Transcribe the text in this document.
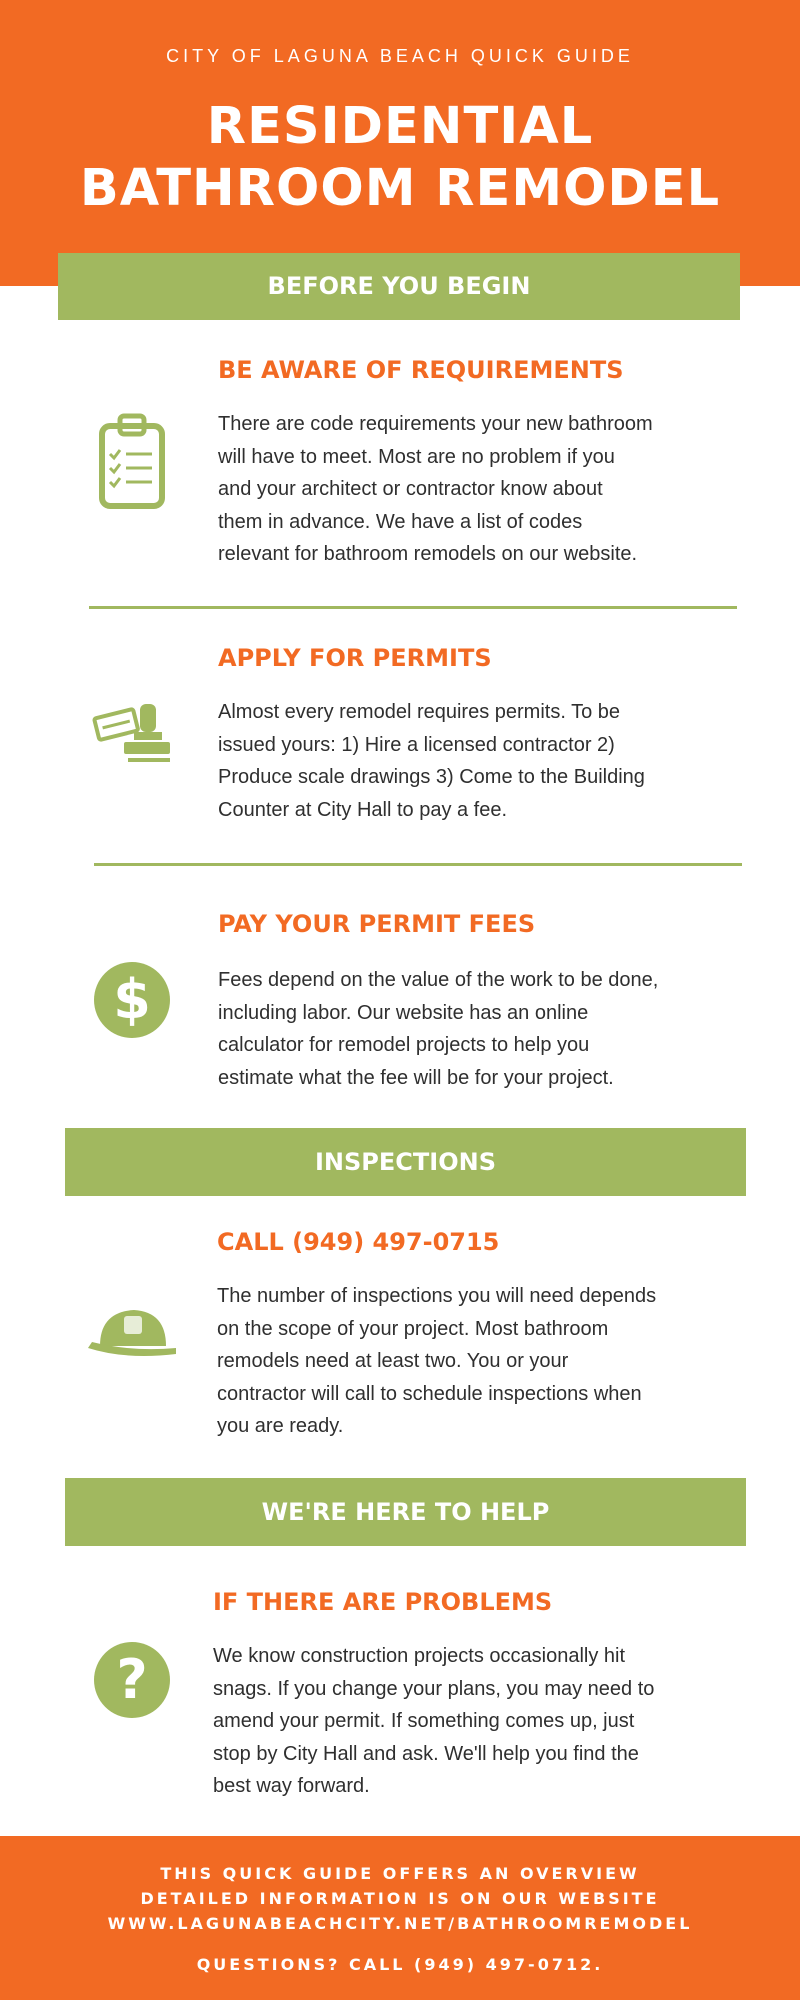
CITY OF LAGUNA BEACH QUICK GUIDE
RESIDENTIAL
BATHROOM REMODEL
BEFORE YOU BEGIN
BE AWARE OF REQUIREMENTS
There are code requirements your new bathroom
will have to meet. Most are no problem if you
and your architect or contractor know about
them in advance. We have a list of codes
relevant for bathroom remodels on our website.
APPLY FOR PERMITS
Almost every remodel requires permits. To be
issued yours: 1) Hire a licensed contractor 2)
Produce scale drawings 3) Come to the Building
Counter at City Hall to pay a fee.
PAY YOUR PERMIT FEES
$	Fees depend on the value of the work to be done,
including labor. Our website has an online
calculator for remodel projects to help you
estimate what the fee will be for your project.
INSPECTIONS
CALL (949) 497-0715
The number of inspections you will need depends
on the scope of your project. Most bathroom
remodels need at least two. You or your
contractor will call to schedule inspections when
you are ready.
WE'RE HERE TO HELP
IF THERE ARE PROBLEMS
?	We know construction projects occasionally hit
snags. If you change your plans, you may need to
amend your permit. If something comes up, just
stop by City Hall and ask. We'll help you find the
best way forward.
THIS QUICK GUIDE OFFERS AN OVERVIEW
DETAILED INFORMATION IS ON OUR WEBSITE
WWW.LAGUNABEACHCITY.NET/BATHROOMREMODEL
QUESTIONS? CALL (949) 497-0712.
